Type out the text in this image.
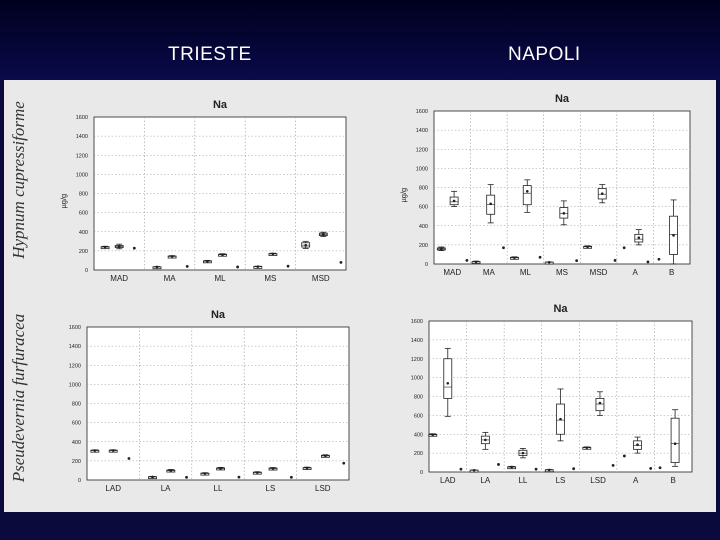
TRIESTE	NAPOLI
Hypnum cupressiforme
Pseudevernia furfuracea
0
200
400
600
800
1000
1200
1400
1600
MAD	MA	ML	MS	MSD
Na
µg/g
0
200
400
600
800
1000
1200
1400
1600
MAD	MA	ML	MS	MSD	A	B
Na
µg/g
0
200
400
600
800
1000
1200
1400
1600
LAD	LA	LL	LS	LSD
Na
0
200
400
600
800
1000
1200
1400
1600
LAD	LA	LL	LS	LSD	A	B
Na
